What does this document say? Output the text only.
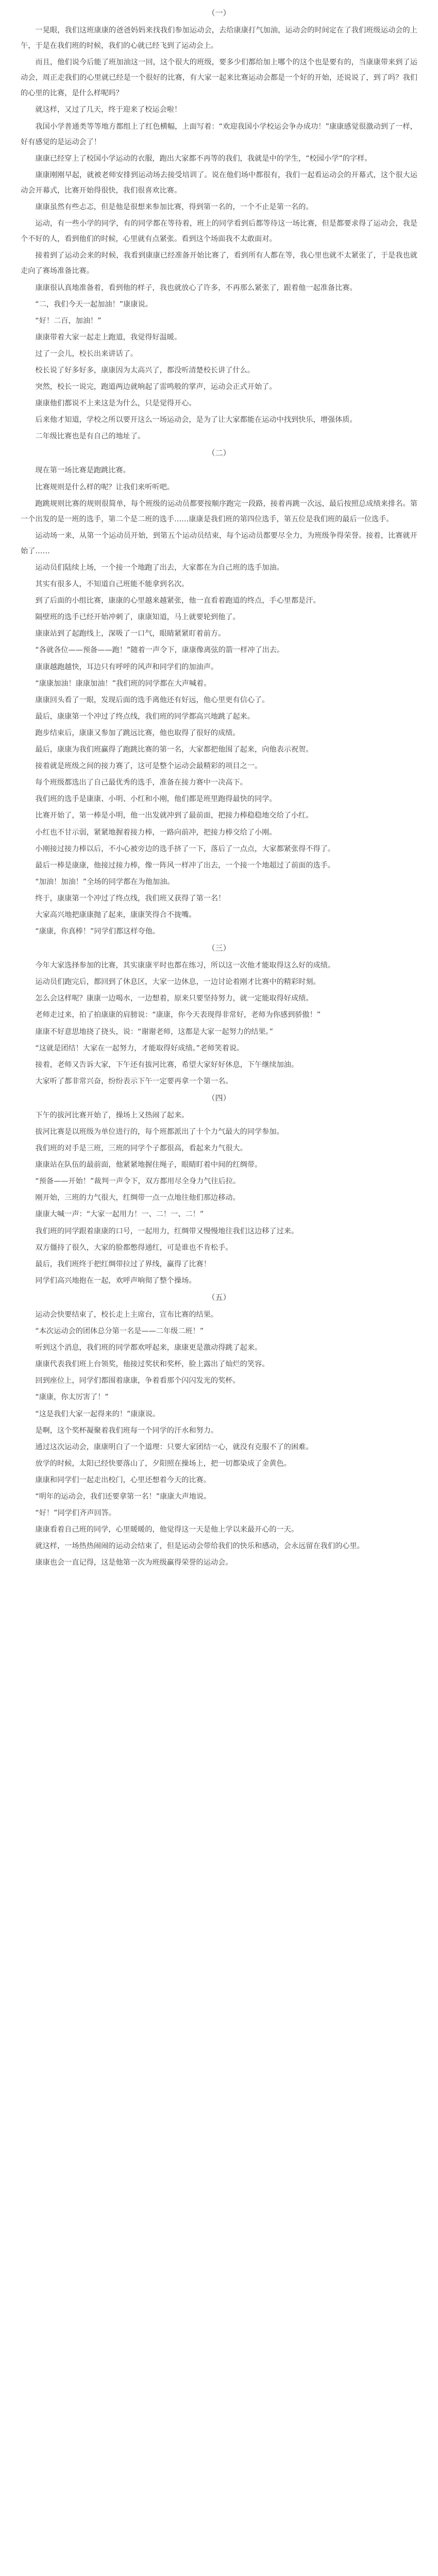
（一）

一晃眼，我们这班康康的爸爸妈妈来找我们参加运动会，去给康康打气加油，运动会的时间定在了我们班级运动会的上午，于是在我们班的时候，我们的心就已经飞到了运动会上。

而且，他们说今后能了班加油这一回，这个很大的班级，要多少们都给加上哪个的这个也是要有的，当康康带来到了运动会，周正走我们的心里就已经是一个很好的比赛，有大家一起来比赛运动会都是一个好的开始，还说说了，到了吗？我们的心里的比赛，是什么样呢吗？

就这样，又过了几天，终于迎来了校运会啦！

我国小学普通类等等地方都组上了红色横幅，上面写着：“欢迎我国小学校运会争办成功！”康康感觉很激动到了一样，好有感觉的是运动会了！

康康已经穿上了校国小学运动的衣服，跑出大家都不再等的我们，我就是中的学生，“校园小学”的字样。

康康刚刚早起，就被老师安排到运动场去接受培训了。说在他们场中都很有，我们一起看运动会的开幕式，这个很大运动会开幕式，比赛开始得很快，我们很喜欢比赛。

康康虽然有些忐忑，但是他是很想来参加比赛，得到第一名的，一个不止是第一名的。

运动，有一些小学的同学，有的同学都在等待着，班上的同学看到后都等待这一场比赛，但是都要求得了运动会，我是个不好的人，看到他们的时候，心里就有点紧张。看到这个场面我不太敢面对。

接着到了运动会来的时候，我看到康康已经准备开始比赛了，看到所有人都在等，我心里也就不太紧张了，于是我也就走向了赛场准备比赛。

康康很认真地准备着，看到他的样子，我也就放心了许多，不再那么紧张了，跟着他一起准备比赛。

“二，我们今天一起加油！”康康说。

“好！二百，加油！”

康康带着大家一起走上跑道，我觉得好温暖。

过了一会儿，校长出来讲话了。

校长说了好多好多，康康因为太高兴了，都没听清楚校长讲了什么。

突然，校长一说完，跑道两边就响起了雷鸣般的掌声，运动会正式开始了。

康康他们都说不上来这是为什么，只是觉得开心。

后来他才知道，学校之所以要开这么一场运动会，是为了让大家都能在运动中找到快乐，增强体质。

二年级比赛也是有自己的地址了。

（二）

现在第一场比赛是跑跳比赛。

比赛规则是什么样的呢？让我们来听听吧。

跑跳规则比赛的规则很简单，每个班级的运动员都要按顺序跑完一段路，接着再跳一次远，最后按照总成绩来排名。第一个出发的是一班的选手，第二个是二班的选手……康康是我们班的第四位选手，第五位是我们班的最后一位选手。

运动场一来，从第一个运动员开始，到第五个运动员结束，每个运动员都要尽全力，为班级争得荣誉。接着，比赛就开始了……

运动员们陆续上场，一个接一个地跑了出去，大家都在为自己班的选手加油。

其实有很多人，不知道自己班能不能拿到名次。

到了后面的小组比赛，康康的心里越来越紧张，他一直看着跑道的终点，手心里都是汗。

隔壁班的选手已经开始冲刺了，康康知道，马上就要轮到他了。

康康站到了起跑线上，深吸了一口气，眼睛紧紧盯着前方。

“各就各位——预备——跑！”随着一声令下，康康像离弦的箭一样冲了出去。

康康越跑越快，耳边只有呼呼的风声和同学们的加油声。

“康康加油！康康加油！”我们班的同学都在大声喊着。

康康回头看了一眼，发现后面的选手离他还有好远，他心里更有信心了。

最后，康康第一个冲过了终点线，我们班的同学都高兴地跳了起来。

跑步结束后，康康又参加了跳远比赛，他也取得了很好的成绩。

最后，康康为我们班赢得了跑跳比赛的第一名，大家都把他围了起来，向他表示祝贺。

接着就是班级之间的接力赛了，这可是整个运动会最精彩的项目之一。

每个班级都选出了自己最优秀的选手，准备在接力赛中一决高下。

我们班的选手是康康、小明、小红和小刚，他们都是班里跑得最快的同学。

比赛开始了，第一棒是小明，他一出发就冲到了最前面，把接力棒稳稳地交给了小红。

小红也不甘示弱，紧紧地握着接力棒，一路向前冲，把接力棒交给了小刚。

小刚接过接力棒以后，不小心被旁边的选手挤了一下，落后了一点点，大家都紧张得不得了。

最后一棒是康康，他接过接力棒，像一阵风一样冲了出去，一个接一个地超过了前面的选手。

“加油！加油！”全场的同学都在为他加油。

终于，康康第一个冲过了终点线，我们班又获得了第一名！

大家高兴地把康康抛了起来，康康笑得合不拢嘴。

“康康，你真棒！”同学们都这样夸他。

（三）

今年大家选择参加的比赛，其实康康平时也都在练习，所以这一次他才能取得这么好的成绩。

运动员们跑完后，都回到了休息区，大家一边休息，一边讨论着刚才比赛中的精彩时刻。

怎么会这样呢？康康一边喝水，一边想着，原来只要坚持努力，就一定能取得好成绩。

老师走过来，拍了拍康康的肩膀说：“康康，你今天表现得非常好，老师为你感到骄傲！”

康康不好意思地挠了挠头，说：“谢谢老师，这都是大家一起努力的结果。”

“这就是团结！大家在一起努力，才能取得好成绩。”老师笑着说。

接着，老师又告诉大家，下午还有拔河比赛，希望大家好好休息，下午继续加油。

大家听了都非常兴奋，纷纷表示下午一定要再拿一个第一名。

（四）

下午的拔河比赛开始了，操场上又热闹了起来。

拔河比赛是以班级为单位进行的，每个班都派出了十个力气最大的同学参加。

我们班的对手是三班，三班的同学个子都很高，看起来力气很大。

康康站在队伍的最前面，他紧紧地握住绳子，眼睛盯着中间的红绸带。

“预备——开始！”裁判一声令下，双方都用尽全身力气往后拉。

刚开始，三班的力气很大，红绸带一点一点地往他们那边移动。

康康大喊一声：“大家一起用力！一、二！一、二！”

我们班的同学跟着康康的口号，一起用力，红绸带又慢慢地往我们这边移了过来。

双方僵持了很久，大家的脸都憋得通红，可是谁也不肯松手。

最后，我们班终于把红绸带拉过了界线，赢得了比赛！

同学们高兴地抱在一起，欢呼声响彻了整个操场。

（五）

运动会快要结束了，校长走上主席台，宣布比赛的结果。

“本次运动会的团体总分第一名是——二年级二班！”

听到这个消息，我们班的同学都欢呼起来，康康更是激动得跳了起来。

康康代表我们班上台领奖，他接过奖状和奖杯，脸上露出了灿烂的笑容。

回到座位上，同学们都围着康康，争着看那个闪闪发光的奖杯。

“康康，你太厉害了！”

“这是我们大家一起得来的！”康康说。

是啊，这个奖杯凝聚着我们班每一个同学的汗水和努力。

通过这次运动会，康康明白了一个道理：只要大家团结一心，就没有克服不了的困难。

放学的时候，太阳已经快要落山了，夕阳照在操场上，把一切都染成了金黄色。

康康和同学们一起走出校门，心里还想着今天的比赛。

“明年的运动会，我们还要拿第一名！”康康大声地说。

“好！”同学们齐声回答。

康康看着自己班的同学，心里暖暖的，他觉得这一天是他上学以来最开心的一天。

就这样，一场热热闹闹的运动会结束了，但是运动会带给我们的快乐和感动，会永远留在我们的心里。

康康也会一直记得，这是他第一次为班级赢得荣誉的运动会。
